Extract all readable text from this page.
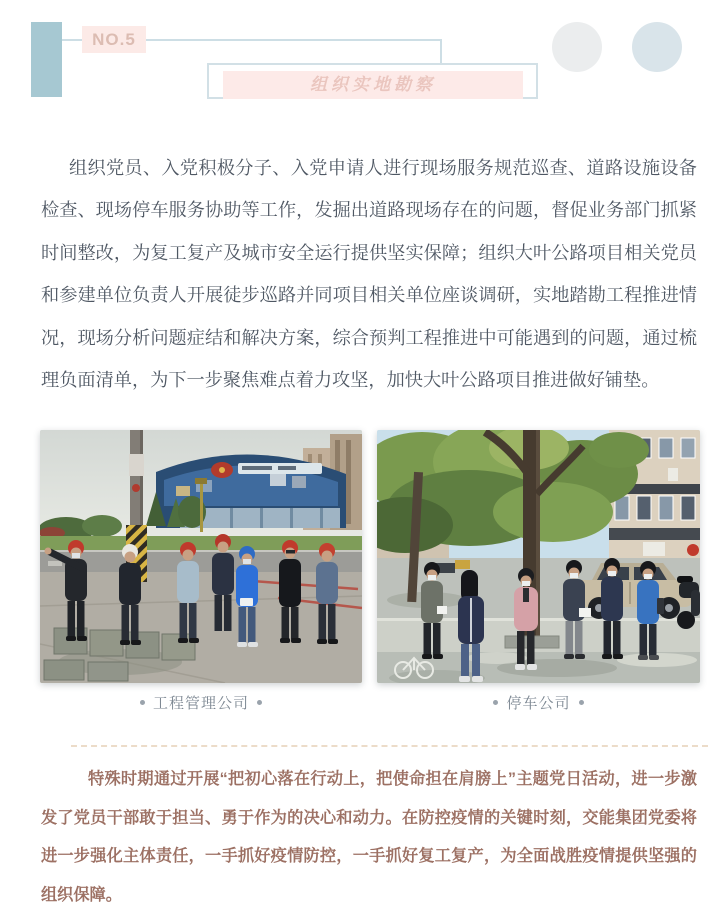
NO.5
组织实地勘察
组织党员、入党积极分子、入党申请人进行现场服务规范巡查、道路设施设备检查、现场停车服务协助等工作，发掘出道路现场存在的问题，督促业务部门抓紧时间整改，为复工复产及城市安全运行提供坚实保障；组织大叶公路项目相关党员和参建单位负责人开展徒步巡路并同项目相关单位座谈调研，实地踏勘工程推进情况，现场分析问题症结和解决方案，综合预判工程推进中可能遇到的问题，通过梳理负面清单，为下一步聚焦难点着力攻坚，加快大叶公路项目推进做好铺垫。
工程管理公司	停车公司
特殊时期通过开展“把初心落在行动上，把使命担在肩膀上”主题党日活动，进一步激发了党员干部敢于担当、勇于作为的决心和动力。在防控疫情的关键时刻，交能集团党委将进一步强化主体责任，一手抓好疫情防控，一手抓好复工复产，为全面战胜疫情提供坚强的组织保障。
